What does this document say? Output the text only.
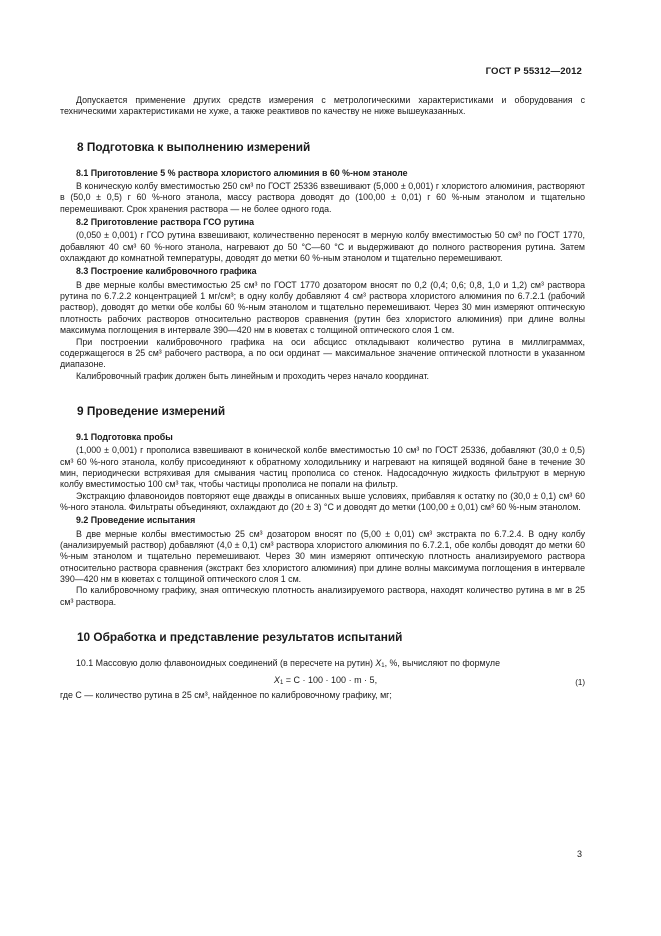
ГОСТ Р 55312—2012

Допускается применение других средств измерения с метрологическими характеристиками и оборудования с техническими характеристиками не хуже, а также реактивов по качеству не ниже вышеуказанных.

8 Подготовка к выполнению измерений
8.1 Приготовление 5 % раствора хлористого алюминия в 60 %-ном этаноле

В коническую колбу вместимостью 250 см³ по ГОСТ 25336 взвешивают (5,000 ± 0,001) г хлористого алюминия, растворяют в (50,0 ± 0,5) г 60 %-ного этанола, массу раствора доводят до (100,00 ± 0,01) г 60 %-ным этанолом и тщательно перемешивают. Срок хранения раствора — не более одного года.

8.2 Приготовление раствора ГСО рутина

(0,050 ± 0,001) г ГСО рутина взвешивают, количественно переносят в мерную колбу вместимостью 50 см³ по ГОСТ 1770, добавляют 40 см³ 60 %-ного этанола, нагревают до 50 °С—60 °С и выдерживают до полного растворения рутина. Затем охлаждают до комнатной температуры, доводят до метки 60 %-ным этанолом и тщательно перемешивают.

8.3 Построение калибровочного графика

В две мерные колбы вместимостью 25 см³ по ГОСТ 1770 дозатором вносят по 0,2 (0,4; 0,6; 0,8, 1,0 и 1,2) см³ раствора рутина по 6.7.2.2 концентрацией 1 мг/см³; в одну колбу добавляют 4 см³ раствора хлористого алюминия по 6.7.2.1 (рабочий раствор), доводят до метки обе колбы 60 %-ным этанолом и тщательно перемешивают. Через 30 мин измеряют оптическую плотность рабочих растворов относительно растворов сравнения (рутин без хлористого алюминия) при длине волны максимума поглощения в интервале 390—420 нм в кюветах с толщиной оптического слоя 1 см.

При построении калибровочного графика на оси абсцисс откладывают количество рутина в миллиграммах, содержащегося в 25 см³ рабочего раствора, а по оси ординат — максимальное значение оптической плотности в указанном диапазоне.

Калибровочный график должен быть линейным и проходить через начало координат.

9 Проведение измерений
9.1 Подготовка пробы

(1,000 ± 0,001) г прополиса взвешивают в конической колбе вместимостью 10 см³ по ГОСТ 25336, добавляют (30,0 ± 0,5) см³ 60 %-ного этанола, колбу присоединяют к обратному холодильнику и нагревают на кипящей водяной бане в течение 30 мин, периодически встряхивая для смывания частиц прополиса со стенок. Надосадочную жидкость фильтруют в мерную колбу вместимостью 100 см³ так, чтобы частицы прополиса не попали на фильтр.

Экстракцию флавоноидов повторяют еще дважды в описанных выше условиях, прибавляя к остатку по (30,0 ± 0,1) см³ 60 %-ного этанола. Фильтраты объединяют, охлаждают до (20 ± 3) °С и доводят до метки (100,00 ± 0,01) см³ 60 %-ным этанолом.

9.2 Проведение испытания

В две мерные колбы вместимостью 25 см³ дозатором вносят по (5,00 ± 0,01) см³ экстракта по 6.7.2.4. В одну колбу (анализируемый раствор) добавляют (4,0 ± 0,1) см³ раствора хлористого алюминия по 6.7.2.1, обе колбы доводят до метки 60 %-ным этанолом и тщательно перемешивают. Через 30 мин измеряют оптическую плотность анализируемого раствора относительно раствора сравнения (экстракт без хлористого алюминия) при длине волны максимума поглощения в интервале 390—420 нм в кюветах с толщиной оптического слоя 1 см.

По калибровочному графику, зная оптическую плотность анализируемого раствора, находят количество рутина в мг в 25 см³ раствора.

10 Обработка и представление результатов испытаний

10.1 Массовую долю флавоноидных соединений (в пересчете на рутин) $X_1$, %, вычисляют по формуле

$X_1 = C \cdot 100 \cdot 100 \cdot m \cdot 5$,	(1)

где C — количество рутина в 25 см³, найденное по калибровочному графику, мг;

3
